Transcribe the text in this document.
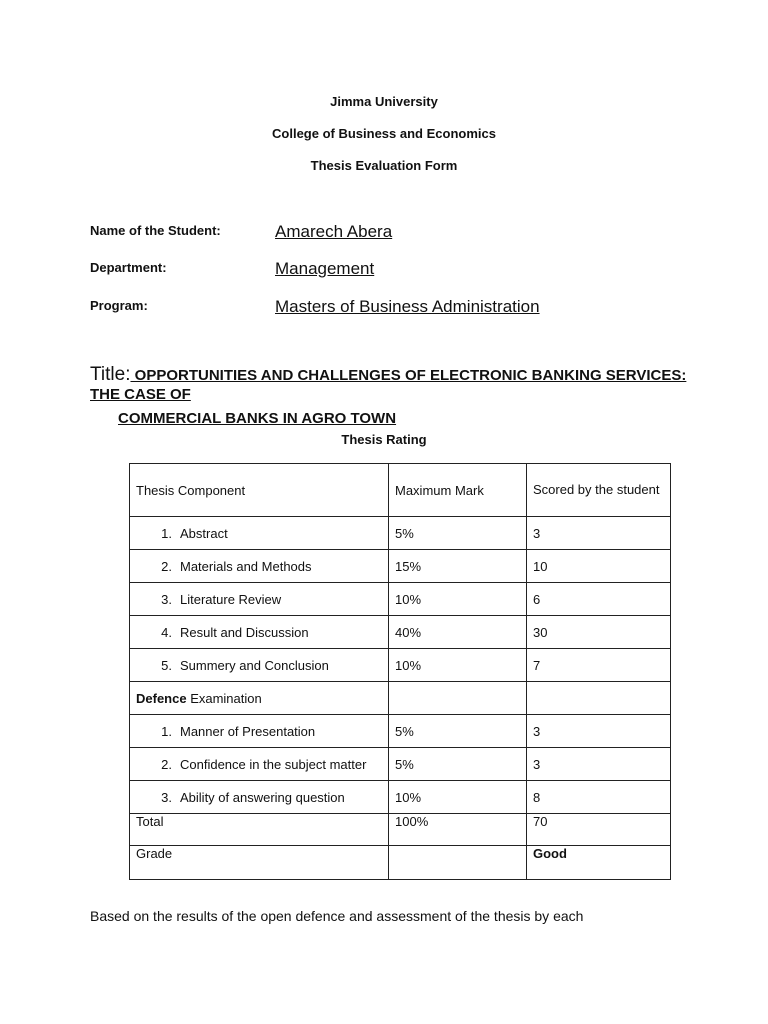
Jimma University
College of Business and Economics
Thesis Evaluation Form
Name of the Student:	Amarech Abera
Department:	Management
Program:	Masters of Business Administration
Title: OPPORTUNITIES AND CHALLENGES OF ELECTRONIC BANKING SERVICES: THE CASE OF
COMMERCIAL BANKS IN AGRO TOWN
Thesis Rating
Thesis Component	Maximum Mark	Scored by the student
1. Abstract	5%	3
2. Materials and Methods	15%	10
3. Literature Review	10%	6
4. Result and Discussion	40%	30
5. Summery and Conclusion	10%	7
Defence Examination		
1. Manner of Presentation	5%	3
2. Confidence in the subject matter	5%	3
3. Ability of answering question	10%	8
Total	100%	70
Grade		Good
Based on the results of the open defence and assessment of the thesis by each
